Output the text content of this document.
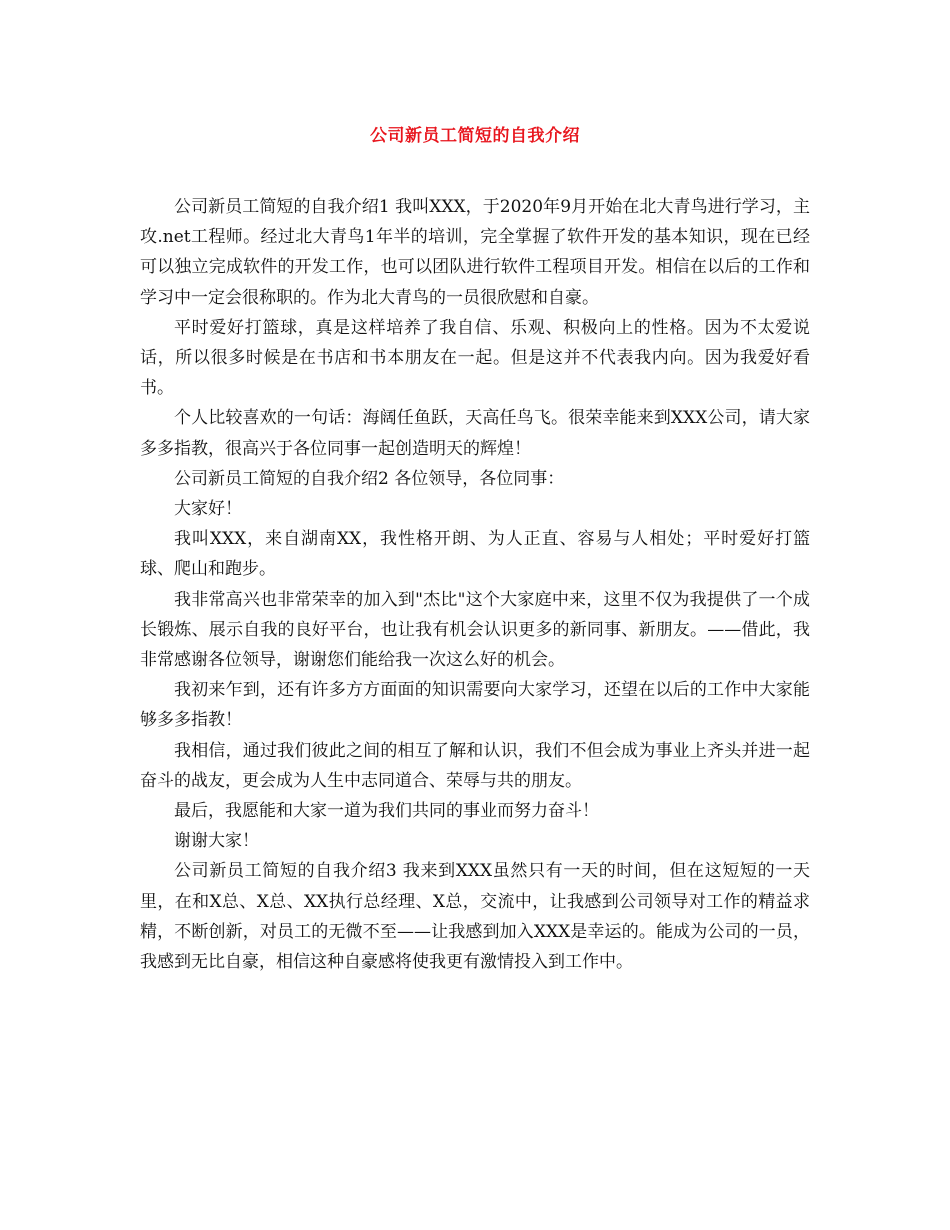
公司新员工简短的自我介绍

公司新员工简短的自我介绍1 我叫XXX，于2020年9月开始在北大青鸟进行学习，主攻.net工程师。经过北大青鸟1年半的培训，完全掌握了软件开发的基本知识，现在已经可以独立完成软件的开发工作，也可以团队进行软件工程项目开发。相信在以后的工作和学习中一定会很称职的。作为北大青鸟的一员很欣慰和自豪。

平时爱好打篮球，真是这样培养了我自信、乐观、积极向上的性格。因为不太爱说话，所以很多时候是在书店和书本朋友在一起。但是这并不代表我内向。因为我爱好看书。

个人比较喜欢的一句话：海阔任鱼跃，天高任鸟飞。很荣幸能来到XXX公司，请大家多多指教，很高兴于各位同事一起创造明天的辉煌！

公司新员工简短的自我介绍2 各位领导，各位同事：

大家好！

我叫XXX，来自湖南XX，我性格开朗、为人正直、容易与人相处；平时爱好打篮球、爬山和跑步。

我非常高兴也非常荣幸的加入到"杰比"这个大家庭中来，这里不仅为我提供了一个成长锻炼、展示自我的良好平台，也让我有机会认识更多的新同事、新朋友。——借此，我非常感谢各位领导，谢谢您们能给我一次这么好的机会。

我初来乍到，还有许多方方面面的知识需要向大家学习，还望在以后的工作中大家能够多多指教！

我相信，通过我们彼此之间的相互了解和认识，我们不但会成为事业上齐头并进一起奋斗的战友，更会成为人生中志同道合、荣辱与共的朋友。

最后，我愿能和大家一道为我们共同的事业而努力奋斗！

谢谢大家！

公司新员工简短的自我介绍3 我来到XXX虽然只有一天的时间，但在这短短的一天里，在和X总、X总、XX执行总经理、X总，交流中，让我感到公司领导对工作的精益求精，不断创新，对员工的无微不至——让我感到加入XXX是幸运的。能成为公司的一员，我感到无比自豪，相信这种自豪感将使我更有激情投入到工作中。
